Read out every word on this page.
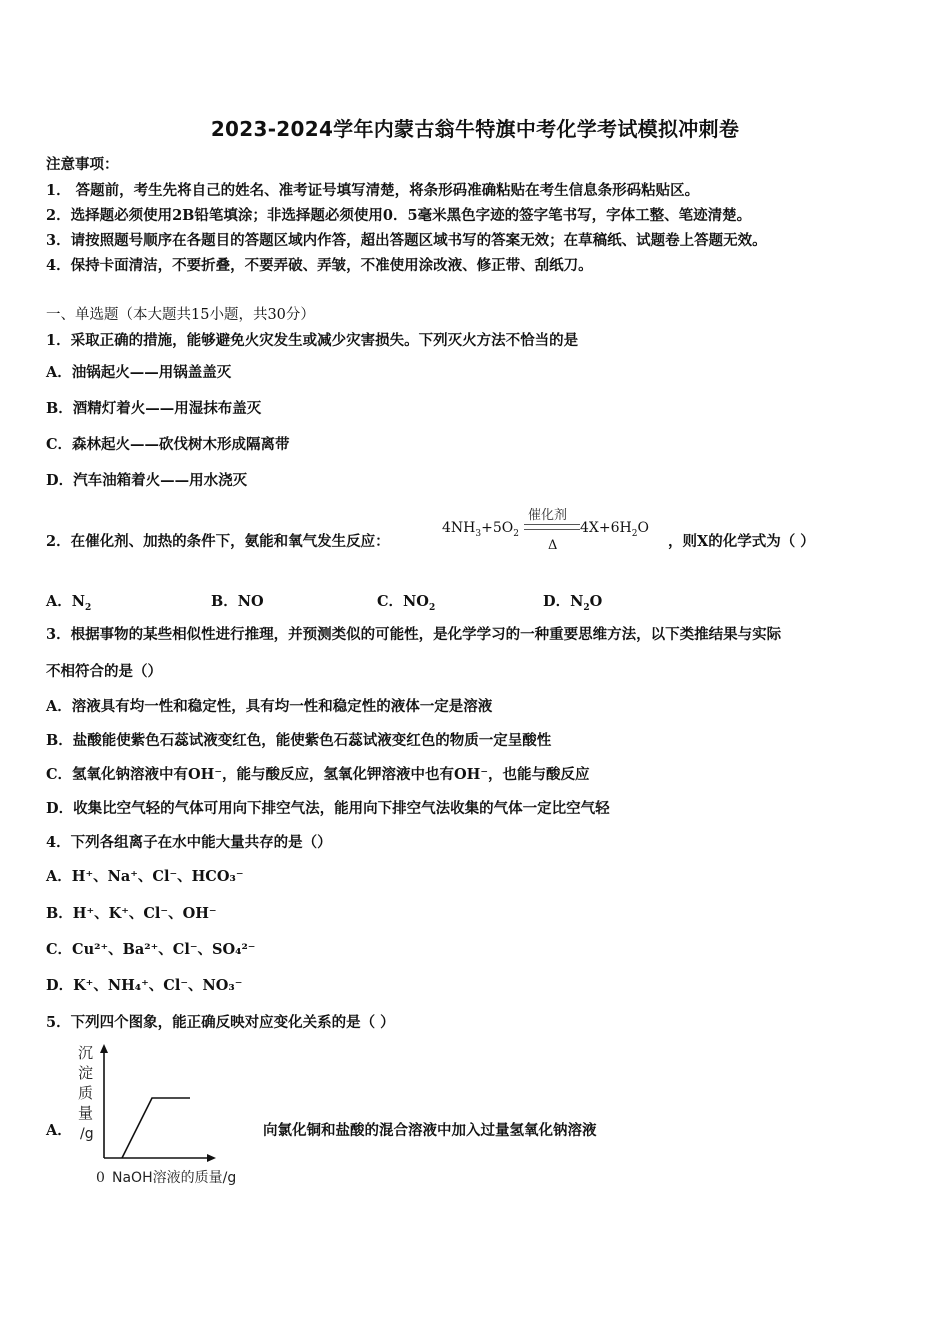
2023-2024学年内蒙古翁牛特旗中考化学考试模拟冲刺卷
注意事项：
1． 答题前，考生先将自己的姓名、准考证号填写清楚，将条形码准确粘贴在考生信息条形码粘贴区。
2．选择题必须使用2B铅笔填涂；非选择题必须使用0．5毫米黑色字迹的签字笔书写，字体工整、笔迹清楚。
3．请按照题号顺序在各题目的答题区域内作答，超出答题区域书写的答案无效；在草稿纸、试题卷上答题无效。
4．保持卡面清洁，不要折叠，不要弄破、弄皱，不准使用涂改液、修正带、刮纸刀。
一、单选题（本大题共15小题，共30分）
1．采取正确的措施，能够避免火灾发生或减少灾害损失。下列灭火方法不恰当的是
A．油锅起火——用锅盖盖灭
B．酒精灯着火——用湿抹布盖灭
C．森林起火——砍伐树木形成隔离带
D．汽车油箱着火——用水浇灭
2．在催化剂、加热的条件下，氨能和氧气发生反应：
$4NH_3+5O_2$
催化剂
$4X+6H_2O$
Δ	，则X的化学式为（ ）
A．$N_2$	B．NO	C．$NO_2$	D．$N_2O$
3．根据事物的某些相似性进行推理，并预测类似的可能性，是化学学习的一种重要思维方法，以下类推结果与实际
不相符合的是（）
A．溶液具有均一性和稳定性，具有均一性和稳定性的液体一定是溶液
B．盐酸能使紫色石蕊试液变红色，能使紫色石蕊试液变红色的物质一定呈酸性
C．氢氧化钠溶液中有OH⁻，能与酸反应，氢氧化钾溶液中也有OH⁻，也能与酸反应
D．收集比空气轻的气体可用向下排空气法，能用向下排空气法收集的气体一定比空气轻
4．下列各组离子在水中能大量共存的是（）
A．H⁺、Na⁺、Cl⁻、HCO₃⁻
B．H⁺、K⁺、Cl⁻、OH⁻
C．Cu²⁺、Ba²⁺、Cl⁻、SO₄²⁻
D．K⁺、NH₄⁺、Cl⁻、NO₃⁻
5．下列四个图象，能正确反映对应变化关系的是（ ）
A．	向氯化铜和盐酸的混合溶液中加入过量氢氧化钠溶液
沉
淀
质
量
/g
0 NaOH溶液的质量/g
